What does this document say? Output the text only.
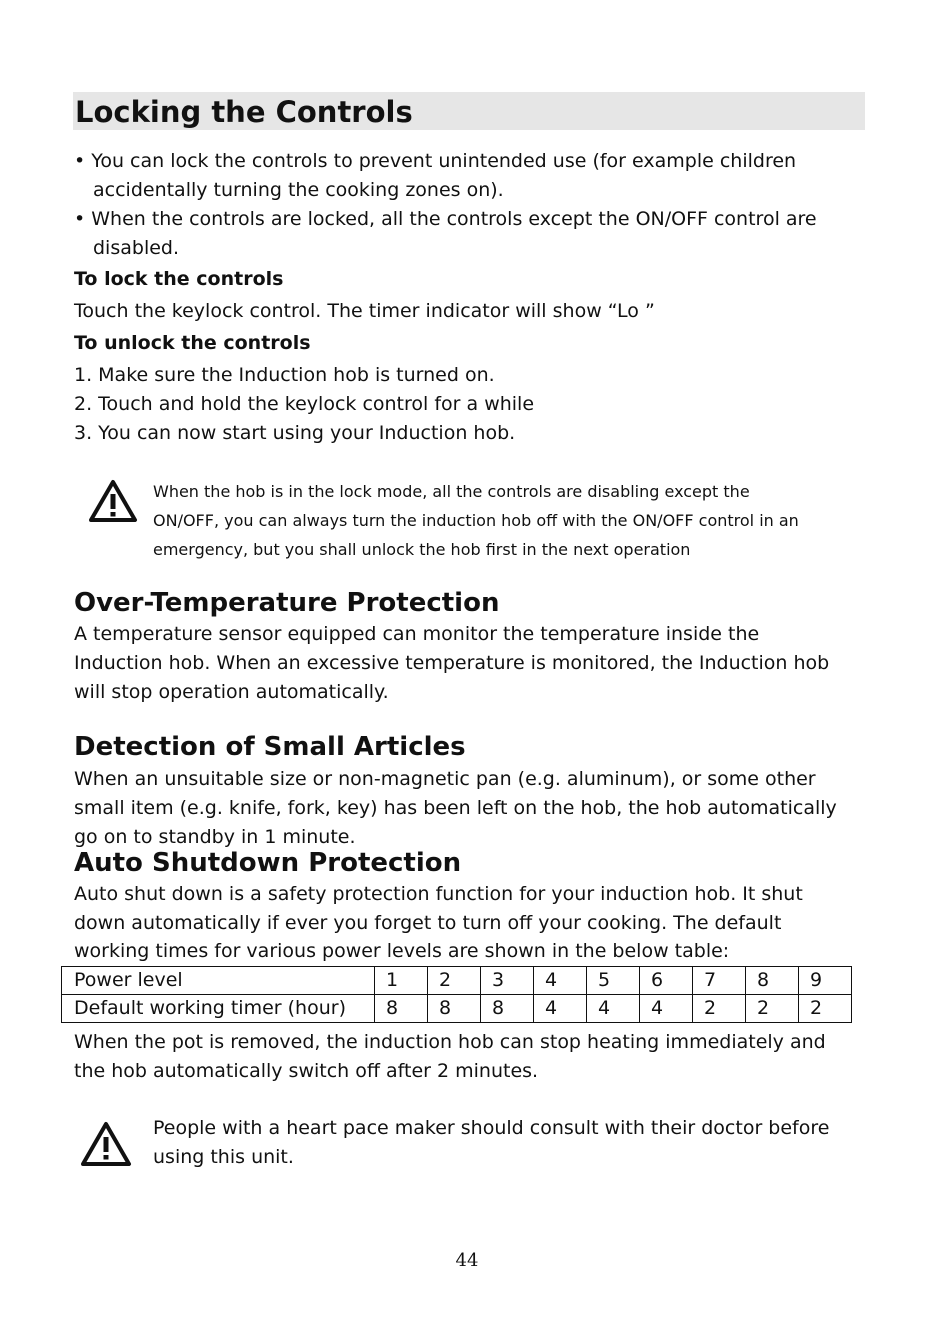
Locking the Controls
• You can lock the controls to prevent unintended use (for example children
accidentally turning the cooking zones on).
• When the controls are locked, all the controls except the ON/OFF control are
disabled.
To lock the controls
Touch the keylock control. The timer indicator will show “Lo ”
To unlock the controls
1. Make sure the Induction hob is turned on.
2. Touch and hold the keylock control for a while
3. You can now start using your Induction hob.
When the hob is in the lock mode, all the controls are disabling except the
ON/OFF, you can always turn the induction hob off with the ON/OFF control in an
emergency, but you shall unlock the hob first in the next operation
Over-Temperature Protection
A temperature sensor equipped can monitor the temperature inside the
Induction hob. When an excessive temperature is monitored, the Induction hob
will stop operation automatically.
Detection of Small Articles
When an unsuitable size or non-magnetic pan (e.g. aluminum), or some other
small item (e.g. knife, fork, key) has been left on the hob, the hob automatically
go on to standby in 1 minute.
Auto Shutdown Protection
Auto shut down is a safety protection function for your induction hob. It shut
down automatically if ever you forget to turn off your cooking. The default
working times for various power levels are shown in the below table:
Power level	1	2	3	4	5	6	7	8	9
Default working timer (hour)	8	8	8	4	4	4	2	2	2
When the pot is removed, the induction hob can stop heating immediately and
the hob automatically switch off after 2 minutes.
People with a heart pace maker should consult with their doctor before
using this unit.
44
